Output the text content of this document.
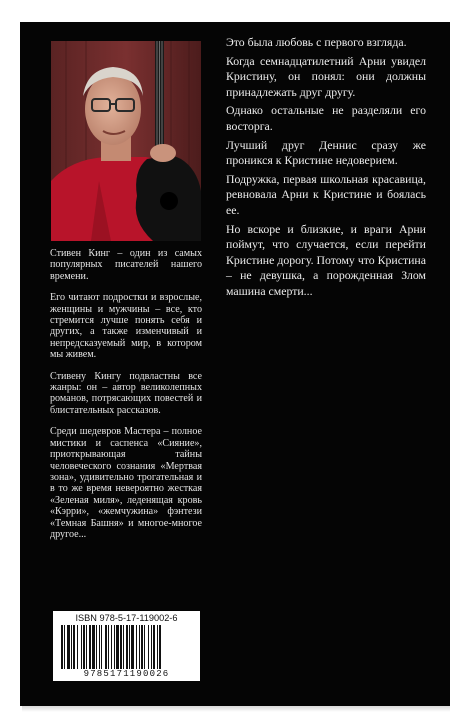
Стивен Кинг – один из самых популярных писателей нашего времени.

Его читают подростки и взрослые, женщины и мужчины – все, кто стремится лучше понять себя и других, а также изменчивый и непредсказуемый мир, в котором мы живем.

Стивену Кингу подвластны все жанры: он – автор великолепных романов, потрясающих повестей и блистательных рассказов.

Среди шедевров Мастера – полное мистики и саспенса «Сияние», приоткрывающая тайны человеческого сознания «Мертвая зона», удивительно трогательная и в то же время невероятно жесткая «Зеленая миля», леденящая кровь «Кэрри», «жемчужина» фэнтези «Темная Башня» и многое-многое другое...

Это была любовь с первого взгляда.

Когда семнадцатилетний Арни увидел Кристину, он понял: они должны принадлежать друг другу.

Однако остальные не разделяли его восторга.

Лучший друг Деннис сразу же проникся к Кристине недоверием.

Подружка, первая школьная красавица, ревновала Арни к Кристине и боялась ее.

Но вскоре и близкие, и враги Арни поймут, что случается, если перейти Кристине дорогу. Потому что Кристина – не девушка, а порожденная Злом машина смерти...

ISBN 978-5-17-119002-6
9785171190026
